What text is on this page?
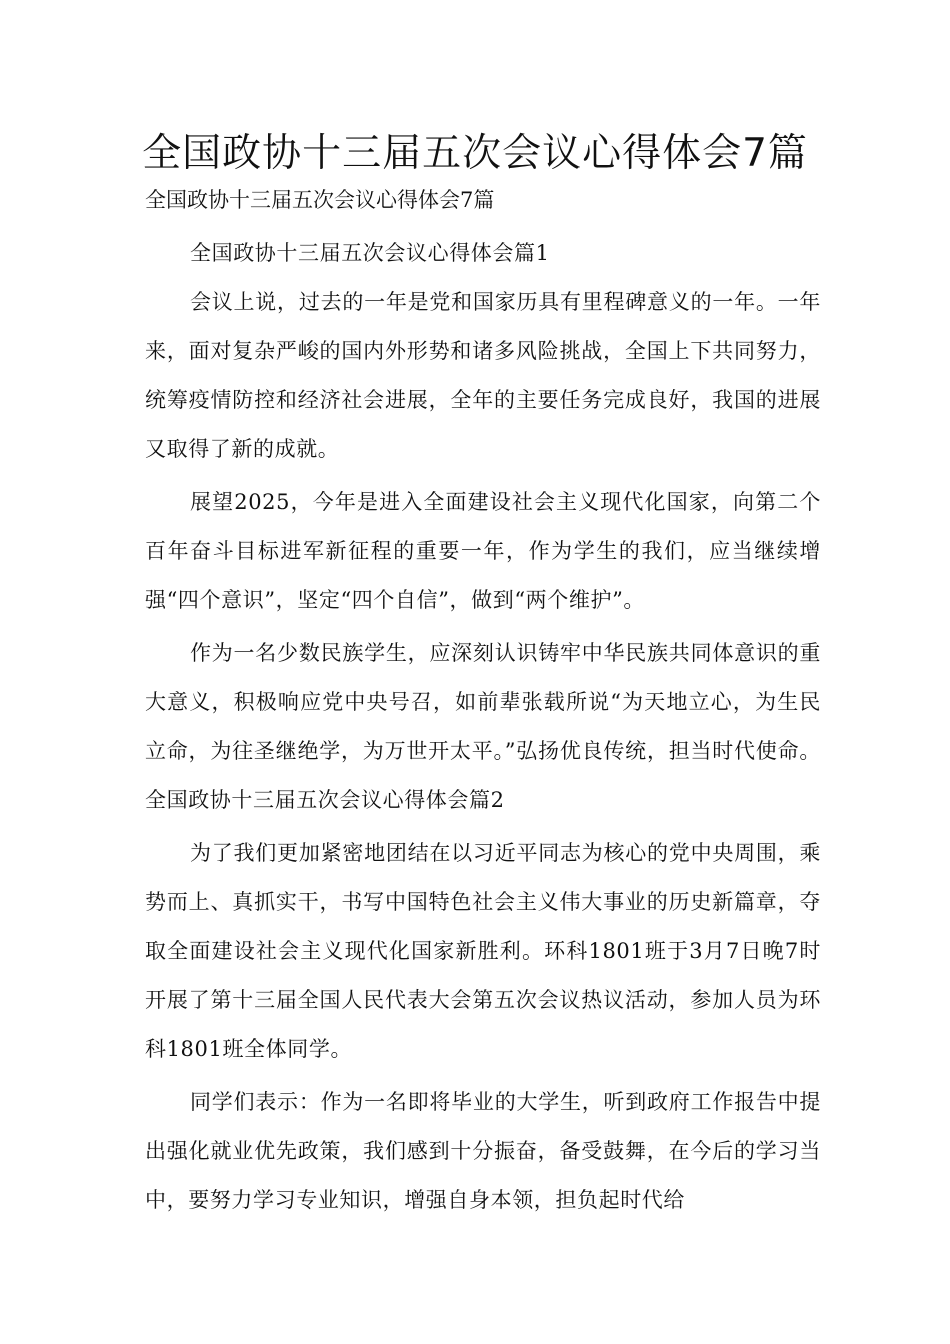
全国政协十三届五次会议心得体会7篇

全国政协十三届五次会议心得体会7篇

全国政协十三届五次会议心得体会篇1

会议上说，过去的一年是党和国家历具有里程碑意义的一年。一年来，面对复杂严峻的国内外形势和诸多风险挑战，全国上下共同努力，统筹疫情防控和经济社会进展，全年的主要任务完成良好，我国的进展又取得了新的成就。

展望2025，今年是进入全面建设社会主义现代化国家，向第二个百年奋斗目标进军新征程的重要一年，作为学生的我们，应当继续增强“四个意识”，坚定“四个自信”，做到“两个维护”。

作为一名少数民族学生，应深刻认识铸牢中华民族共同体意识的重大意义，积极响应党中央号召，如前辈张载所说“为天地立心，为生民立命，为往圣继绝学，为万世开太平。”弘扬优良传统，担当时代使命。全国政协十三届五次会议心得体会篇2

为了我们更加紧密地团结在以习近平同志为核心的党中央周围，乘势而上、真抓实干，书写中国特色社会主义伟大事业的历史新篇章，夺取全面建设社会主义现代化国家新胜利。环科1801班于3月7日晚7时开展了第十三届全国人民代表大会第五次会议热议活动，参加人员为环科1801班全体同学。

同学们表示：作为一名即将毕业的大学生，听到政府工作报告中提出强化就业优先政策，我们感到十分振奋，备受鼓舞，在今后的学习当中，要努力学习专业知识，增强自身本领，担负起时代给
